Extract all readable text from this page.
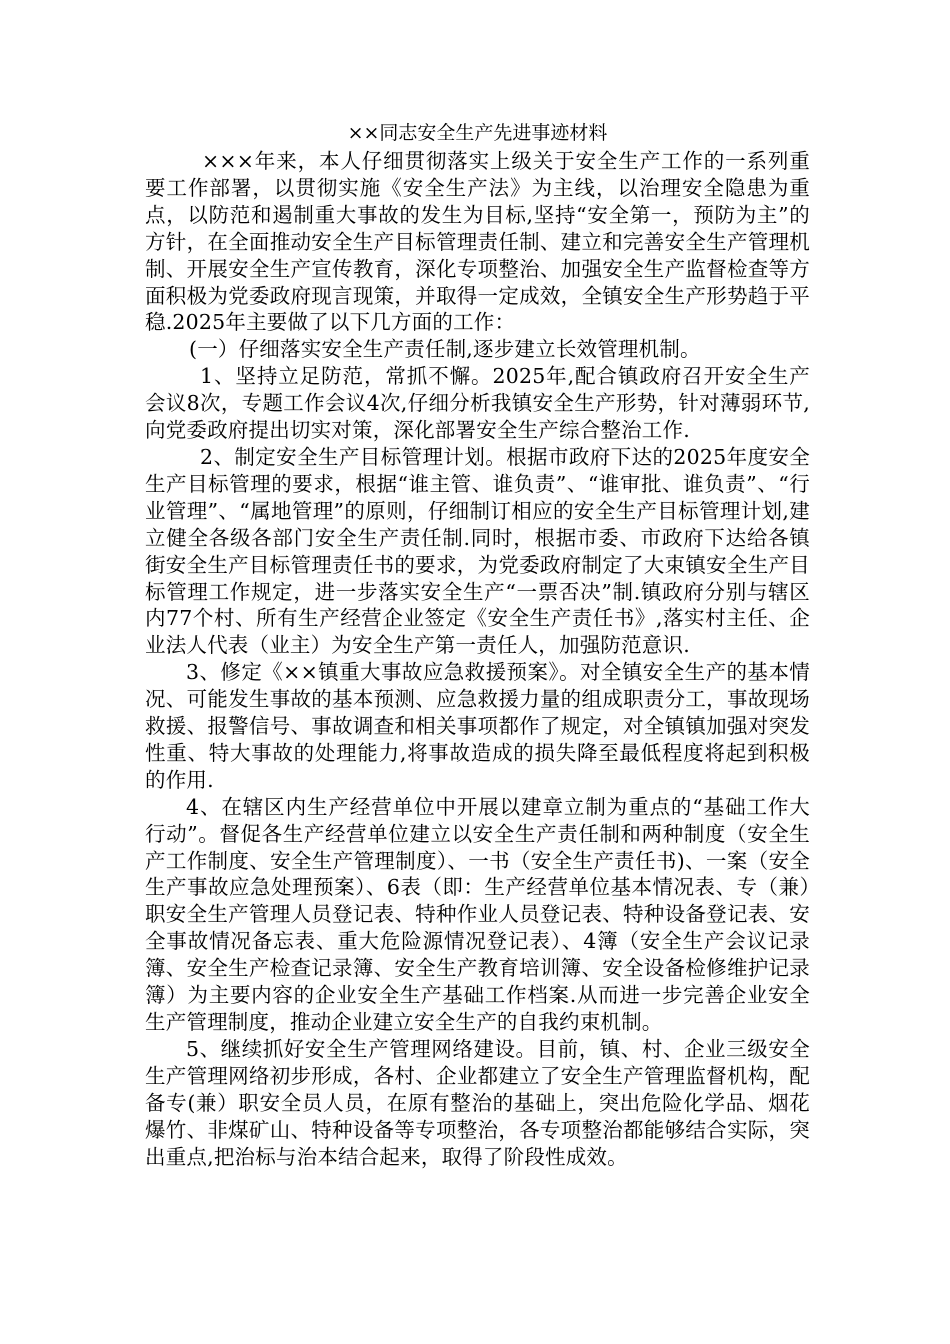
××同志安全生产先进事迹材料

×××年来，本人仔细贯彻落实上级关于安全生产工作的一系列重要工作部署，以贯彻实施《安全生产法》为主线，以治理安全隐患为重点，以防范和遏制重大事故的发生为目标,坚持“安全第一，预防为主”的方针，在全面推动安全生产目标管理责任制、建立和完善安全生产管理机制、开展安全生产宣传教育，深化专项整治、加强安全生产监督检查等方面积极为党委政府现言现策，并取得一定成效，全镇安全生产形势趋于平稳.2025年主要做了以下几方面的工作：

(一）仔细落实安全生产责任制,逐步建立长效管理机制。

1、坚持立足防范，常抓不懈。2025年,配合镇政府召开安全生产会议8次，专题工作会议4次,仔细分析我镇安全生产形势，针对薄弱环节,向党委政府提出切实对策，深化部署安全生产综合整治工作.

2、制定安全生产目标管理计划。根据市政府下达的2025年度安全生产目标管理的要求，根据“谁主管、谁负责”、“谁审批、谁负责”、“行业管理”、“属地管理”的原则，仔细制订相应的安全生产目标管理计划,建立健全各级各部门安全生产责任制.同时，根据市委、市政府下达给各镇街安全生产目标管理责任书的要求，为党委政府制定了大束镇安全生产目标管理工作规定，进一步落实安全生产“一票否决”制.镇政府分别与辖区内77个村、所有生产经营企业签定《安全生产责任书》,落实村主任、企业法人代表（业主）为安全生产第一责任人，加强防范意识.

3、修定《××镇重大事故应急救援预案》。对全镇安全生产的基本情况、可能发生事故的基本预测、应急救援力量的组成职责分工，事故现场救援、报警信号、事故调查和相关事项都作了规定，对全镇镇加强对突发性重、特大事故的处理能力,将事故造成的损失降至最低程度将起到积极的作用.

4、在辖区内生产经营单位中开展以建章立制为重点的“基础工作大行动”。督促各生产经营单位建立以安全生产责任制和两种制度（安全生产工作制度、安全生产管理制度）、一书（安全生产责任书)、一案（安全生产事故应急处理预案）、6表（即：生产经营单位基本情况表、专（兼）职安全生产管理人员登记表、特种作业人员登记表、特种设备登记表、安全事故情况备忘表、重大危险源情况登记表）、4簿（安全生产会议记录簿、安全生产检查记录簿、安全生产教育培训簿、安全设备检修维护记录簿）为主要内容的企业安全生产基础工作档案.从而进一步完善企业安全生产管理制度，推动企业建立安全生产的自我约束机制。

5、继续抓好安全生产管理网络建设。目前，镇、村、企业三级安全生产管理网络初步形成，各村、企业都建立了安全生产管理监督机构，配备专(兼）职安全员人员，在原有整治的基础上，突出危险化学品、烟花爆竹、非煤矿山、特种设备等专项整治，各专项整治都能够结合实际，突出重点,把治标与治本结合起来，取得了阶段性成效。
